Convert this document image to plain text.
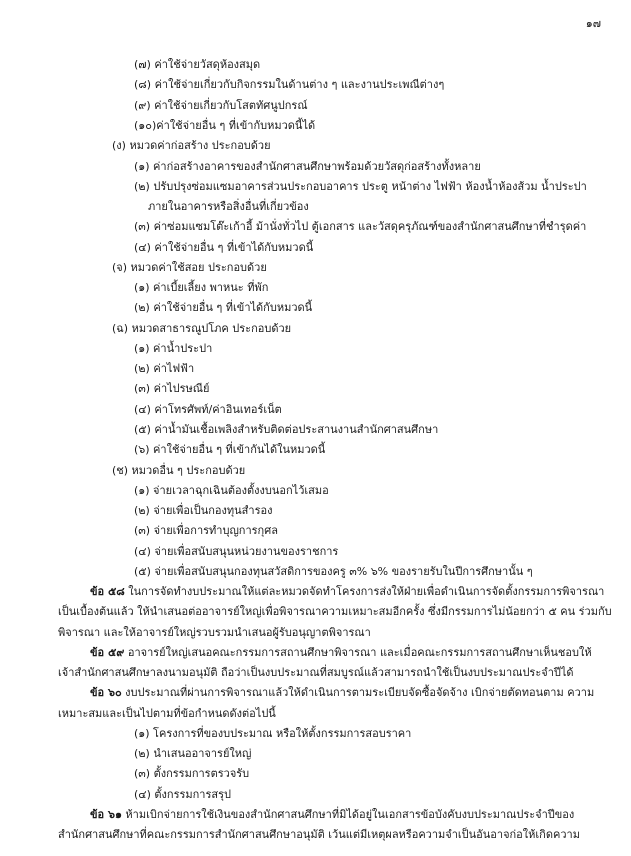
๑๗
(๗) ค่าใช้จ่ายวัสดุห้องสมุด
(๘) ค่าใช้จ่ายเกี่ยวกับกิจกรรมในด้านต่าง ๆ และงานประเพณีต่างๆ
(๙) ค่าใช้จ่ายเกี่ยวกับโสตทัศนูปกรณ์
(๑๐)ค่าใช้จ่ายอื่น ๆ ที่เข้ากับหมวดนี้ได้
(ง) หมวดค่าก่อสร้าง ประกอบด้วย
(๑) ค่าก่อสร้างอาคารของสำนักศาสนศึกษาพร้อมด้วยวัสดุก่อสร้างทั้งหลาย
(๒) ปรับปรุงซ่อมแซมอาคารส่วนประกอบอาคาร ประตู หน้าต่าง ไฟฟ้า ห้องน้ำห้องส้วม น้ำประปา
ภายในอาคารหรือสิ่งอื่นที่เกี่ยวข้อง
(๓) ค่าซ่อมแซมโต๊ะเก้าอี้ ม้านั่งทั่วไป ตู้เอกสาร และวัสดุครุภัณฑ์ของสำนักศาสนศึกษาที่ชำรุดค่า
(๔) ค่าใช้จ่ายอื่น ๆ ที่เข้าได้กับหมวดนี้
(จ) หมวดค่าใช้สอย ประกอบด้วย
(๑) ค่าเบี้ยเลี้ยง พาหนะ ที่พัก
(๒) ค่าใช้จ่ายอื่น ๆ ที่เข้าได้กับหมวดนี้
(ฉ) หมวดสาธารณูปโภค ประกอบด้วย
(๑) ค่าน้ำประปา
(๒) ค่าไฟฟ้า
(๓) ค่าไปรษณีย์
(๔) ค่าโทรศัพท์/ค่าอินเทอร์เน็ต
(๕) ค่าน้ำมันเชื้อเพลิงสำหรับติดต่อประสานงานสำนักศาสนศึกษา
(๖) ค่าใช้จ่ายอื่น ๆ ที่เข้ากันได้ในหมวดนี้
(ช) หมวดอื่น ๆ ประกอบด้วย
(๑) จ่ายเวลาฉุกเฉินต้องตั้งงบนอกไว้เสมอ
(๒) จ่ายเพื่อเป็นกองทุนสำรอง
(๓) จ่ายเพื่อการทำบุญการกุศล
(๔) จ่ายเพื่อสนับสนุนหน่วยงานของราชการ
(๕) จ่ายเพื่อสนับสนุนกองทุนสวัสดิการของครู ๓% ๖% ของรายรับในปีการศึกษานั้น ๆ
ข้อ ๕๘ ในการจัดทำงบประมาณให้แต่ละหมวดจัดทำโครงการส่งให้ฝ่ายเพื่อดำเนินการจัดตั้งกรรมการพิจารณา
เป็นเบื้องต้นแล้ว ให้นำเสนอต่ออาจารย์ใหญ่เพื่อพิจารณาความเหมาะสมอีกครั้ง ซึ่งมีกรรมการไม่น้อยกว่า ๕ คน ร่วมกับ
พิจารณา และให้อาจารย์ใหญ่รวบรวมนำเสนอผู้รับอนุญาตพิจารณา
ข้อ ๕๙ อาจารย์ใหญ่เสนอคณะกรรมการสถานศึกษาพิจารณา และเมื่อคณะกรรมการสถานศึกษาเห็นชอบให้
เจ้าสำนักศาสนศึกษาลงนามอนุมัติ ถือว่าเป็นงบประมาณที่สมบูรณ์แล้วสามารถนำใช้เป็นงบประมาณประจำปีได้
ข้อ ๖๐ งบประมาณที่ผ่านการพิจารณาแล้วให้ดำเนินการตามระเบียบจัดซื้อจัดจ้าง เบิกจ่ายตัดทอนตาม ความ
เหมาะสมและเป็นไปตามที่ข้อกำหนดดังต่อไปนี้
(๑) โครงการที่ของบประมาณ หรือให้ตั้งกรรมการสอบราคา
(๒) นำเสนออาจารย์ใหญ่
(๓) ตั้งกรรมการตรวจรับ
(๔) ตั้งกรรมการสรุป
ข้อ ๖๑ ห้ามเบิกจ่ายการใช้เงินของสำนักศาสนศึกษาที่มิได้อยู่ในเอกสารข้อบังคับงบประมาณประจำปีของ
สำนักศาสนศึกษาที่คณะกรรมการสำนักศาสนศึกษาอนุมัติ เว้นแต่มีเหตุผลหรือความจำเป็นอันอาจก่อให้เกิดความ
